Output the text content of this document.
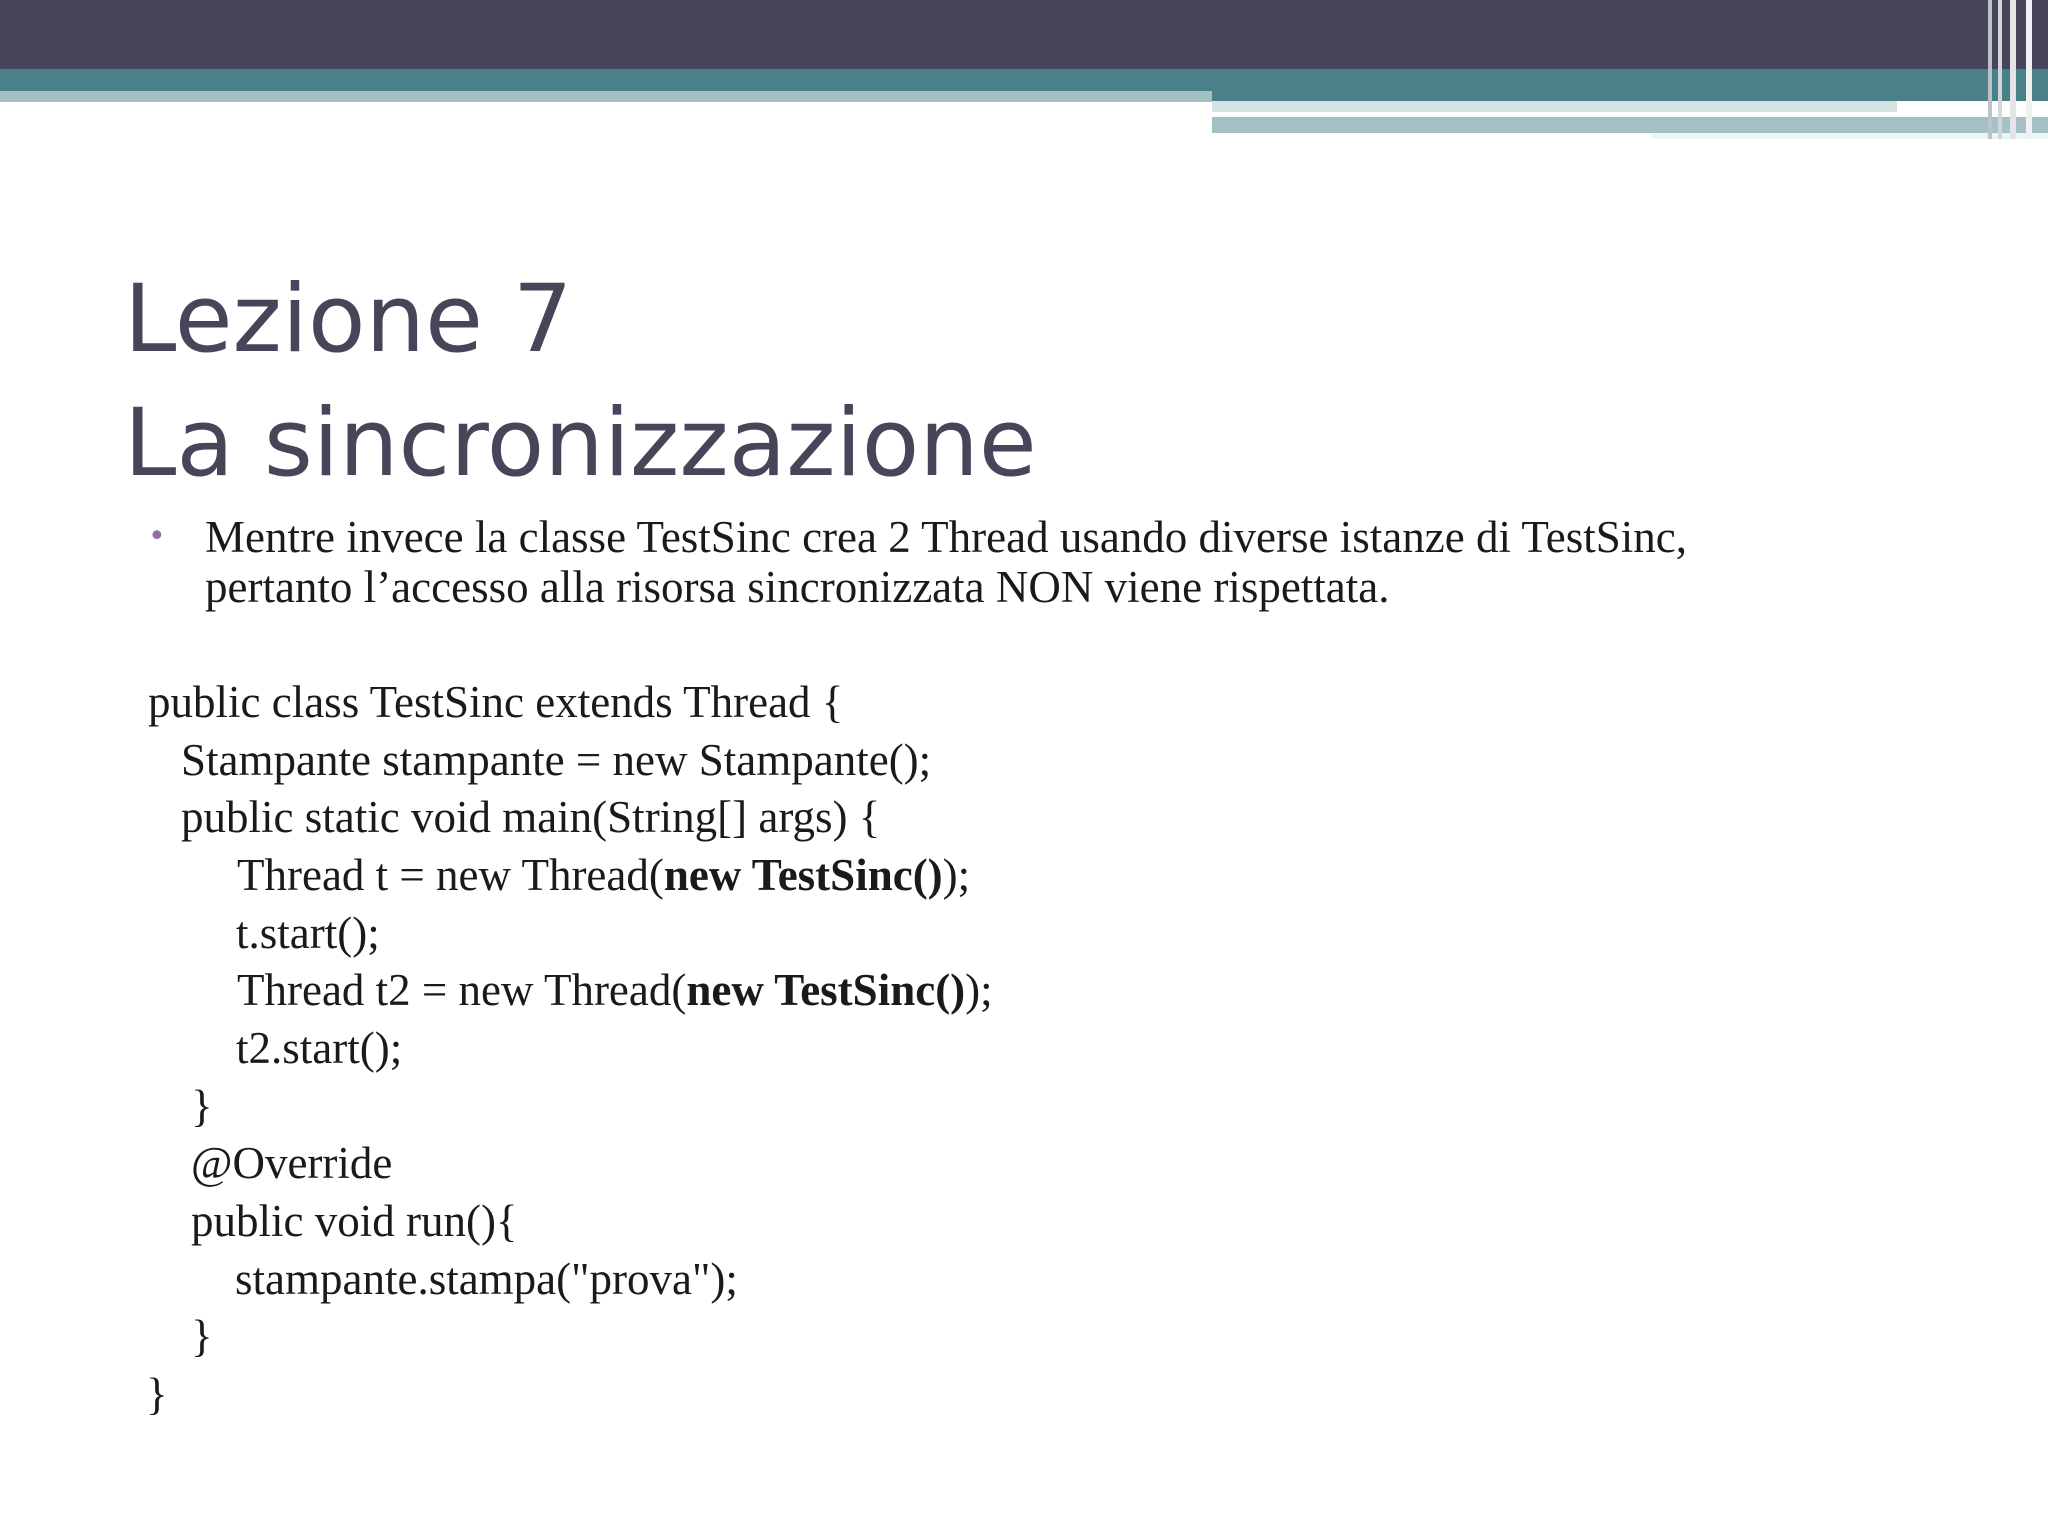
Lezione 7
La sincronizzazione
• Mentre invece la classe TestSinc crea 2 Thread usando diverse istanze di TestSinc,
pertanto l’accesso alla risorsa sincronizzata NON viene rispettata.
public class TestSinc extends Thread {
Stampante stampante = new Stampante();
public static void main(String[] args) {
Thread t = new Thread(new TestSinc());
t.start();
Thread t2 = new Thread(new TestSinc());
t2.start();
}
@Override
public void run(){
stampante.stampa("prova");
}
}
